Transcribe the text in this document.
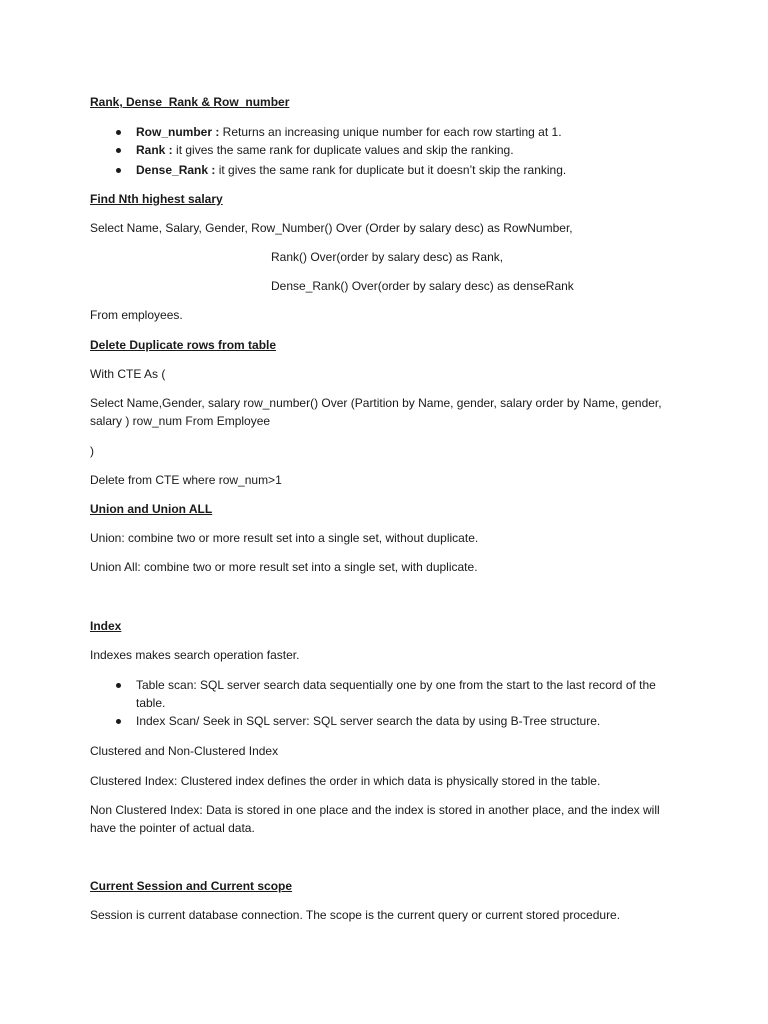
Rank, Dense_Rank & Row_number
Row_number : Returns an increasing unique number for each row starting at 1.
Rank : it gives the same rank for duplicate values and skip the ranking.
Dense_Rank : it gives the same rank for duplicate but it doesn’t skip the ranking.
Find Nth highest salary
Select Name, Salary, Gender, Row_Number() Over (Order by salary desc) as RowNumber,
Rank() Over(order by salary desc) as Rank,
Dense_Rank() Over(order by salary desc) as denseRank
From employees.
Delete Duplicate rows from table
With CTE As (
Select Name,Gender, salary row_number() Over (Partition by Name, gender, salary order by Name, gender, salary ) row_num From Employee
)
Delete from CTE where row_num>1
Union and Union ALL
Union: combine two or more result set into a single set, without duplicate.
Union All: combine two or more result set into a single set, with duplicate.
Index
Indexes makes search operation faster.
Table scan: SQL server search data sequentially one by one from the start to the last record of the table.
Index Scan/ Seek in SQL server: SQL server search the data by using B-Tree structure.
Clustered and Non-Clustered Index
Clustered Index: Clustered index defines the order in which data is physically stored in the table.
Non Clustered Index: Data is stored in one place and the index is stored in another place, and the index will have the pointer of actual data.
Current Session and Current scope
Session is current database connection. The scope is the current query or current stored procedure.
